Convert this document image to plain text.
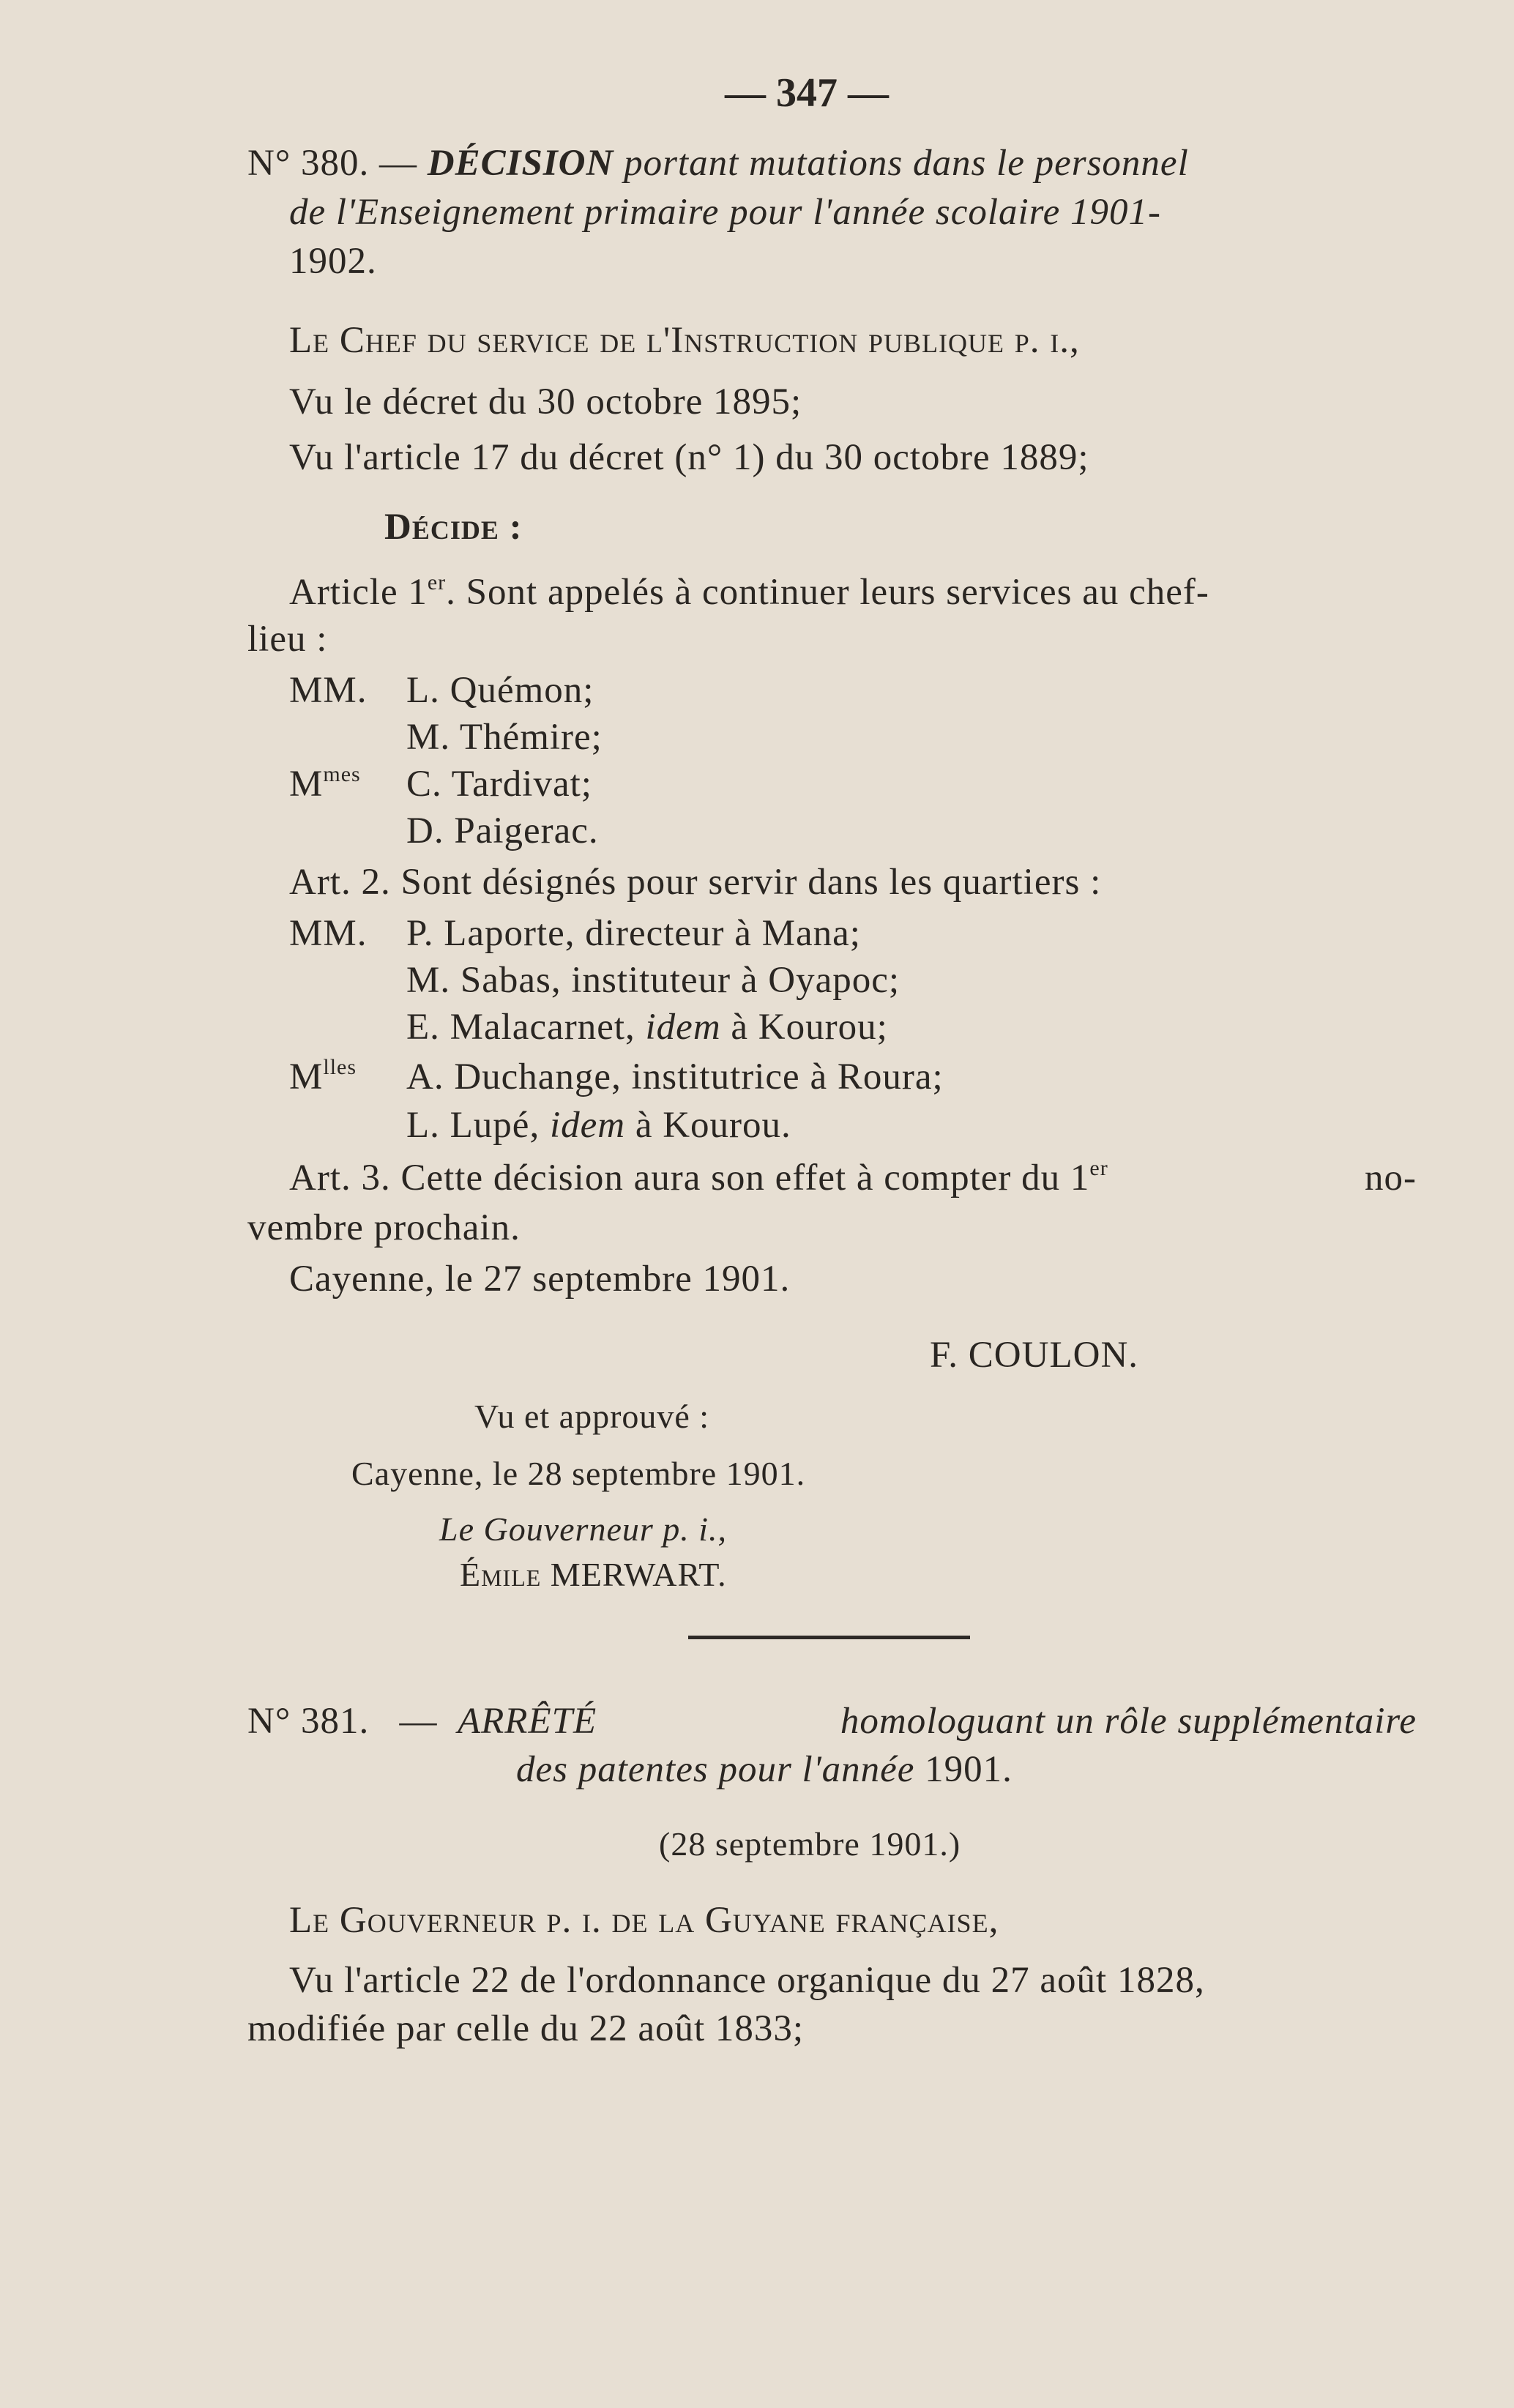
— 347 —
N° 380. — DÉCISION portant mutations dans le personnel
de l'Enseignement primaire pour l'année scolaire 1901-
1902.
Le Chef du service de l'Instruction publique p. i.,
Vu le décret du 30 octobre 1895;
Vu l'article 17 du décret (n° 1) du 30 octobre 1889;
Décide :
Article 1er. Sont appelés à continuer leurs services au chef-
lieu :
MM. L. Quémon;
M. Thémire;
$M^{mes}$ C. Tardivat;
D. Paigerac.
Art. 2. Sont désignés pour servir dans les quartiers :
MM. P. Laporte, directeur à Mana;
M. Sabas, instituteur à Oyapoc;
E. Malacarnet, idem à Kourou;
$M^{lles}$ A. Duchange, institutrice à Roura;
L. Lupé, idem à Kourou.
Art. 3. Cette décision aura son effet à compter du 1er	no-
vembre prochain.
Cayenne, le 27 septembre 1901.
F. COULON.
Vu et approuvé :
Cayenne, le 28 septembre 1901.
Le Gouverneur p. i.,
Émile MERWART.
N° 381. — ARRÊTÉ	homologuant un rôle supplémentaire
des patentes pour l'année 1901.
(28 septembre 1901.)
Le Gouverneur p. i. de la Guyane française,
Vu l'article 22 de l'ordonnance organique du 27 août 1828,
modifiée par celle du 22 août 1833;
